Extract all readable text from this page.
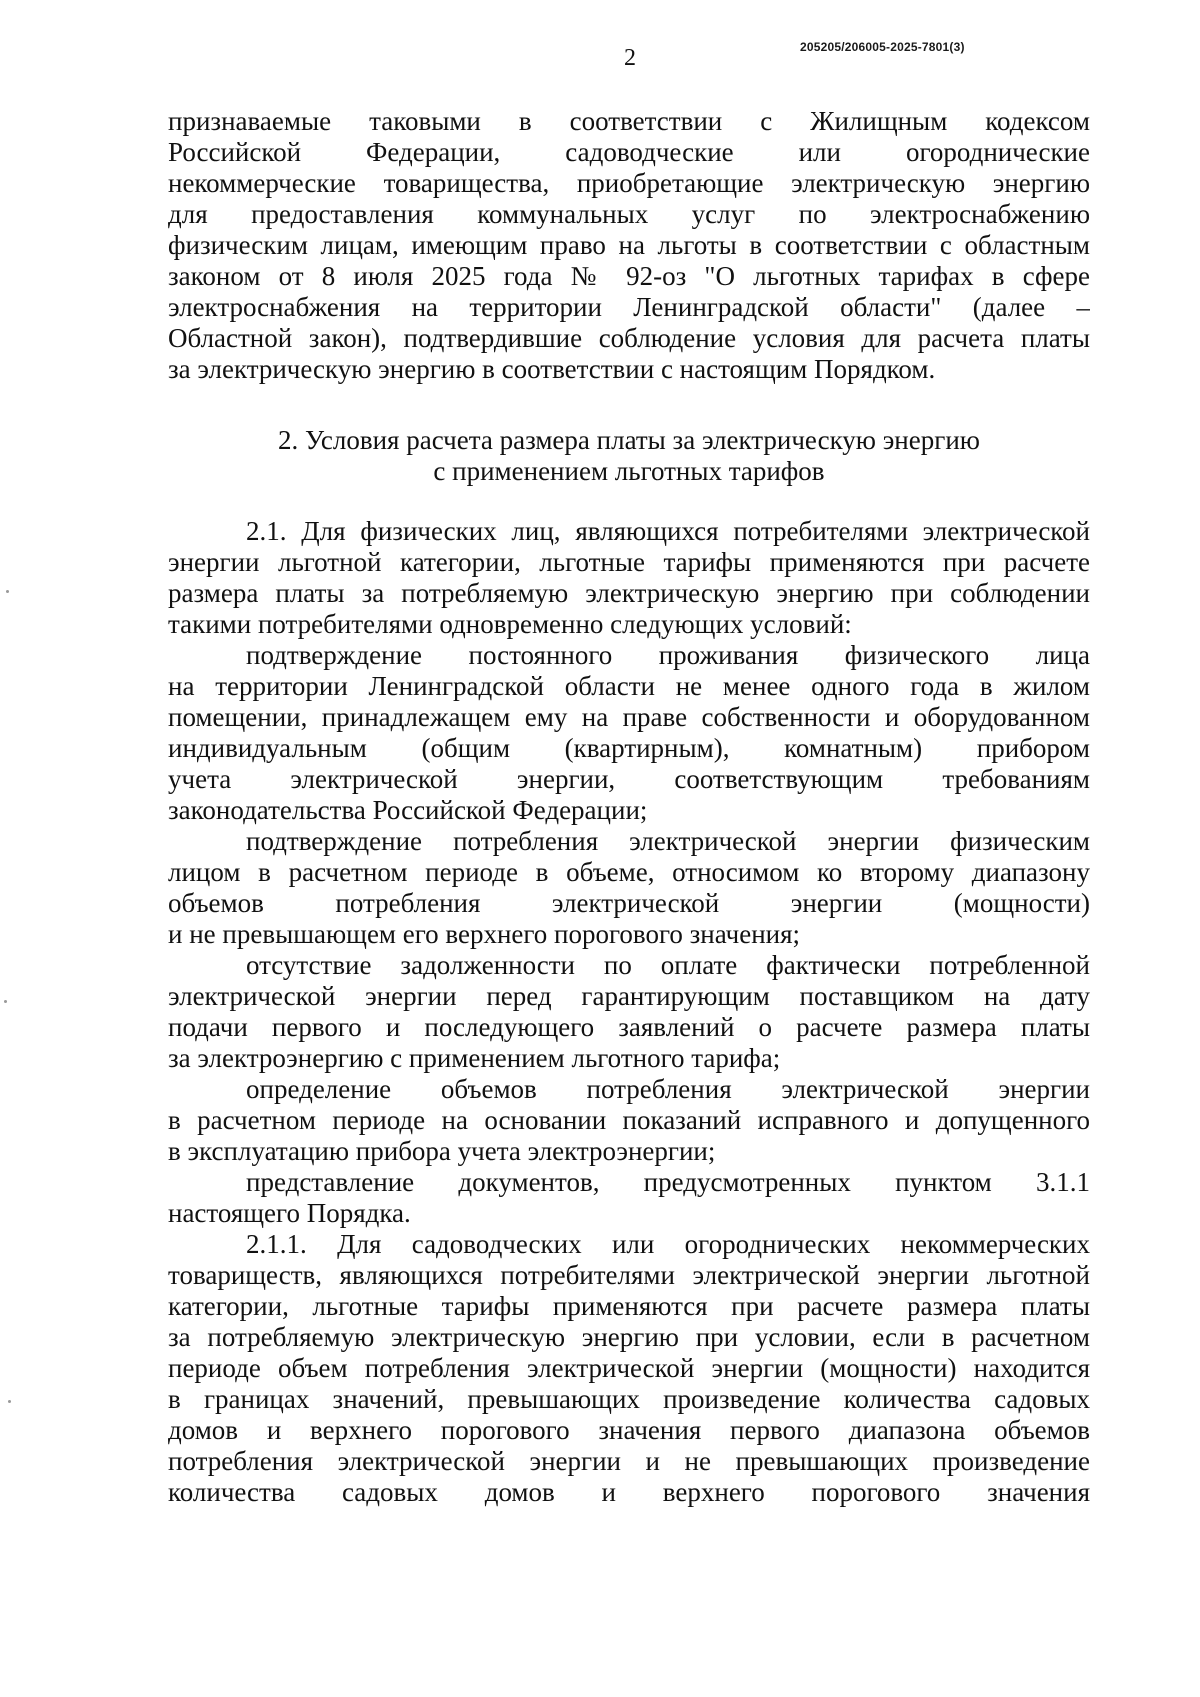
205205/206005-2025-7801(3)
2
признаваемые таковыми в соответствии с Жилищным кодексом
Российской Федерации, садоводческие или огороднические
некоммерческие товарищества, приобретающие электрическую энергию
для предоставления коммунальных услуг по электроснабжению
физическим лицам, имеющим право на льготы в соответствии с областным
законом от 8 июля 2025 года № 92-оз "О льготных тарифах в сфере
электроснабжения на территории Ленинградской области" (далее –
Областной закон), подтвердившие соблюдение условия для расчета платы
за электрическую энергию в соответствии с настоящим Порядком.
2. Условия расчета размера платы за электрическую энергию
с применением льготных тарифов
2.1. Для физических лиц, являющихся потребителями электрической
энергии льготной категории, льготные тарифы применяются при расчете
размера платы за потребляемую электрическую энергию при соблюдении
такими потребителями одновременно следующих условий:
подтверждение постоянного проживания физического лица
на территории Ленинградской области не менее одного года в жилом
помещении, принадлежащем ему на праве собственности и оборудованном
индивидуальным (общим (квартирным), комнатным) прибором
учета электрической энергии, соответствующим требованиям
законодательства Российской Федерации;
подтверждение потребления электрической энергии физическим
лицом в расчетном периоде в объеме, относимом ко второму диапазону
объемов потребления электрической энергии (мощности)
и не превышающем его верхнего порогового значения;
отсутствие задолженности по оплате фактически потребленной
электрической энергии перед гарантирующим поставщиком на дату
подачи первого и последующего заявлений о расчете размера платы
за электроэнергию с применением льготного тарифа;
определение объемов потребления электрической энергии
в расчетном периоде на основании показаний исправного и допущенного
в эксплуатацию прибора учета электроэнергии;
представление документов, предусмотренных пунктом 3.1.1
настоящего Порядка.
2.1.1. Для садоводческих или огороднических некоммерческих
товариществ, являющихся потребителями электрической энергии льготной
категории, льготные тарифы применяются при расчете размера платы
за потребляемую электрическую энергию при условии, если в расчетном
периоде объем потребления электрической энергии (мощности) находится
в границах значений, превышающих произведение количества садовых
домов и верхнего порогового значения первого диапазона объемов
потребления электрической энергии и не превышающих произведение
количества садовых домов и верхнего порогового значения
